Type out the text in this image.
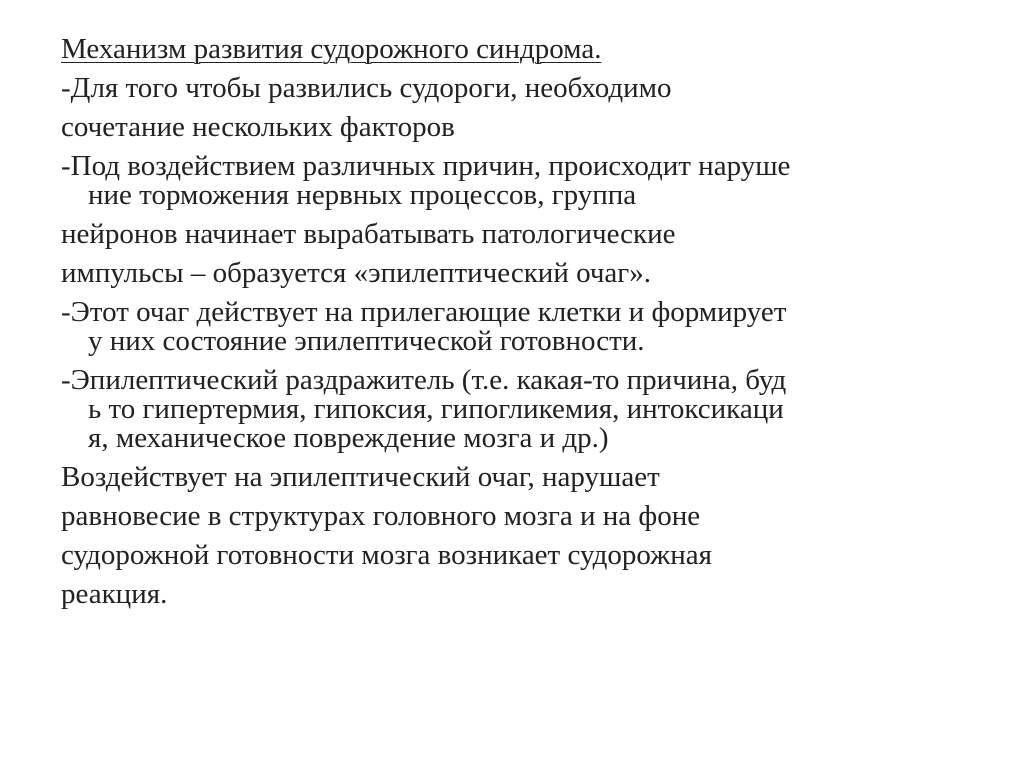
Механизм развития судорожного синдрома.
-Для того чтобы развились судороги, необходимо
сочетание нескольких факторов
-Под воздействием различных причин, происходит наруше
ние торможения нервных процессов, группа
нейронов начинает вырабатывать патологические
импульсы – образуется «эпилептический очаг».
-Этот очаг действует на прилегающие клетки и формирует
у них состояние эпилептической готовности.
-Эпилептический раздражитель (т.е. какая-то причина, буд
ь то гипертермия, гипоксия, гипогликемия, интоксикаци
я, механическое повреждение мозга и др.)
Воздействует на эпилептический очаг, нарушает
равновесие в структурах головного мозга и на фоне
судорожной готовности мозга возникает судорожная
реакция.
